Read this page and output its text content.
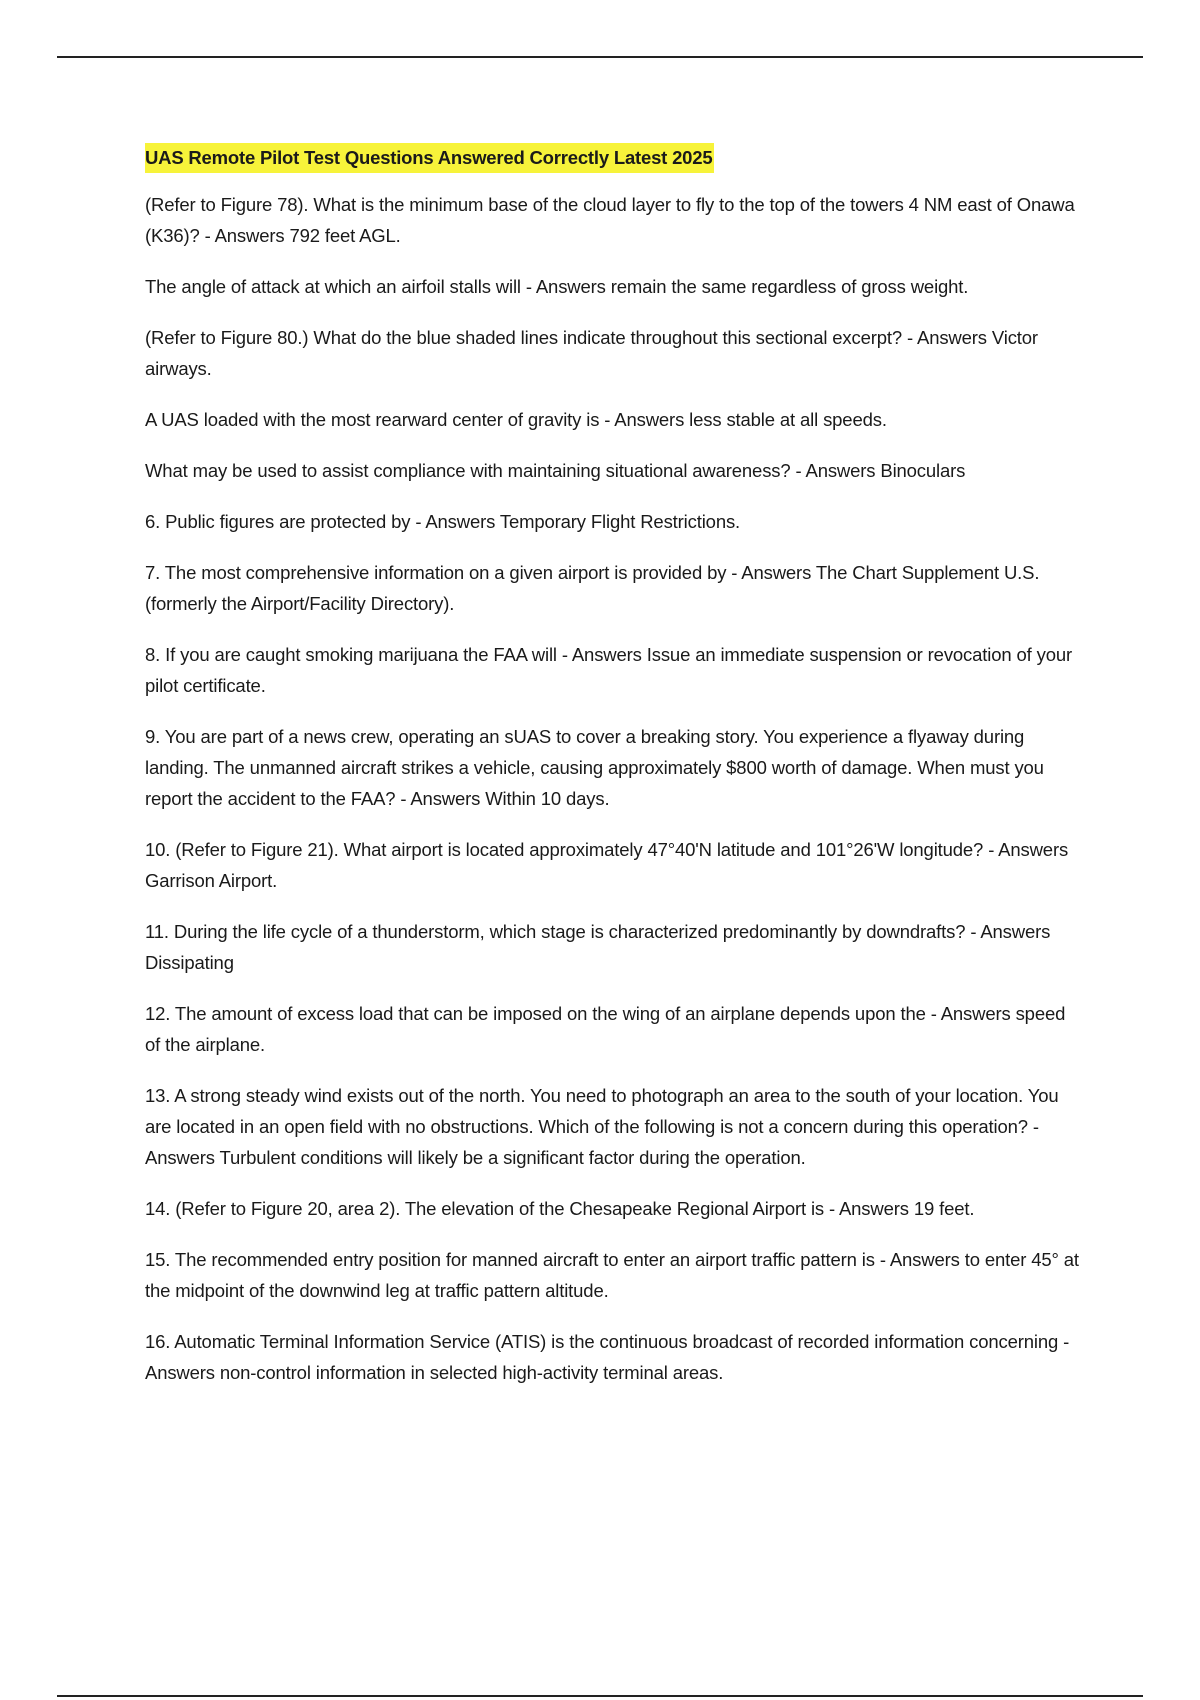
UAS Remote Pilot Test Questions Answered Correctly Latest 2025

(Refer to Figure 78). What is the minimum base of the cloud layer to fly to the top of the towers 4 NM east of Onawa (K36)? - Answers 792 feet AGL.

The angle of attack at which an airfoil stalls will - Answers remain the same regardless of gross weight.

(Refer to Figure 80.) What do the blue shaded lines indicate throughout this sectional excerpt? - Answers Victor airways.

A UAS loaded with the most rearward center of gravity is - Answers less stable at all speeds.

What may be used to assist compliance with maintaining situational awareness? - Answers Binoculars

6. Public figures are protected by - Answers Temporary Flight Restrictions.

7. The most comprehensive information on a given airport is provided by - Answers The Chart Supplement U.S. (formerly the Airport/Facility Directory).

8. If you are caught smoking marijuana the FAA will - Answers Issue an immediate suspension or revocation of your pilot certificate.

9. You are part of a news crew, operating an sUAS to cover a breaking story. You experience a flyaway during landing. The unmanned aircraft strikes a vehicle, causing approximately $800 worth of damage. When must you report the accident to the FAA? - Answers Within 10 days.

10. (Refer to Figure 21). What airport is located approximately 47°40'N latitude and 101°26'W longitude? - Answers Garrison Airport.

11. During the life cycle of a thunderstorm, which stage is characterized predominantly by downdrafts? - Answers Dissipating

12. The amount of excess load that can be imposed on the wing of an airplane depends upon the - Answers speed of the airplane.

13. A strong steady wind exists out of the north. You need to photograph an area to the south of your location. You are located in an open field with no obstructions. Which of the following is not a concern during this operation? - Answers Turbulent conditions will likely be a significant factor during the operation.

14. (Refer to Figure 20, area 2). The elevation of the Chesapeake Regional Airport is - Answers 19 feet.

15. The recommended entry position for manned aircraft to enter an airport traffic pattern is - Answers to enter 45° at the midpoint of the downwind leg at traffic pattern altitude.

16. Automatic Terminal Information Service (ATIS) is the continuous broadcast of recorded information concerning - Answers non-control information in selected high-activity terminal areas.
